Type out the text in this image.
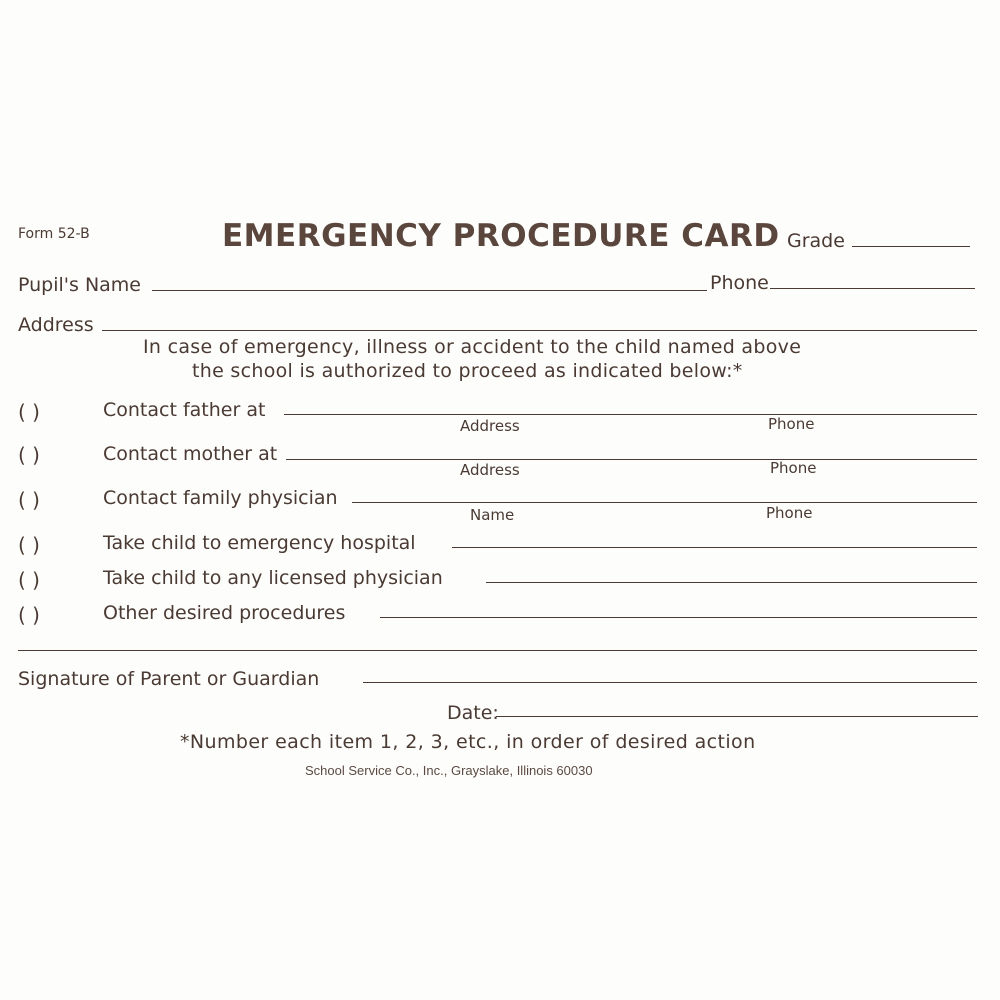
Form 52-B	EMERGENCY PROCEDURE CARD Grade
Pupil's Name	Phone
Address
In case of emergency, illness or accident to the child named above
the school is authorized to proceed as indicated below:*
( )	Contact father at
Address	Phone
( )	Contact mother at
Address	Phone
( )	Contact family physician
Name	Phone
( )	Take child to emergency hospital
( )	Take child to any licensed physician
( )	Other desired procedures
Signature of Parent or Guardian
Date:
*Number each item 1, 2, 3, etc., in order of desired action
School Service Co., Inc., Grayslake, Illinois 60030
